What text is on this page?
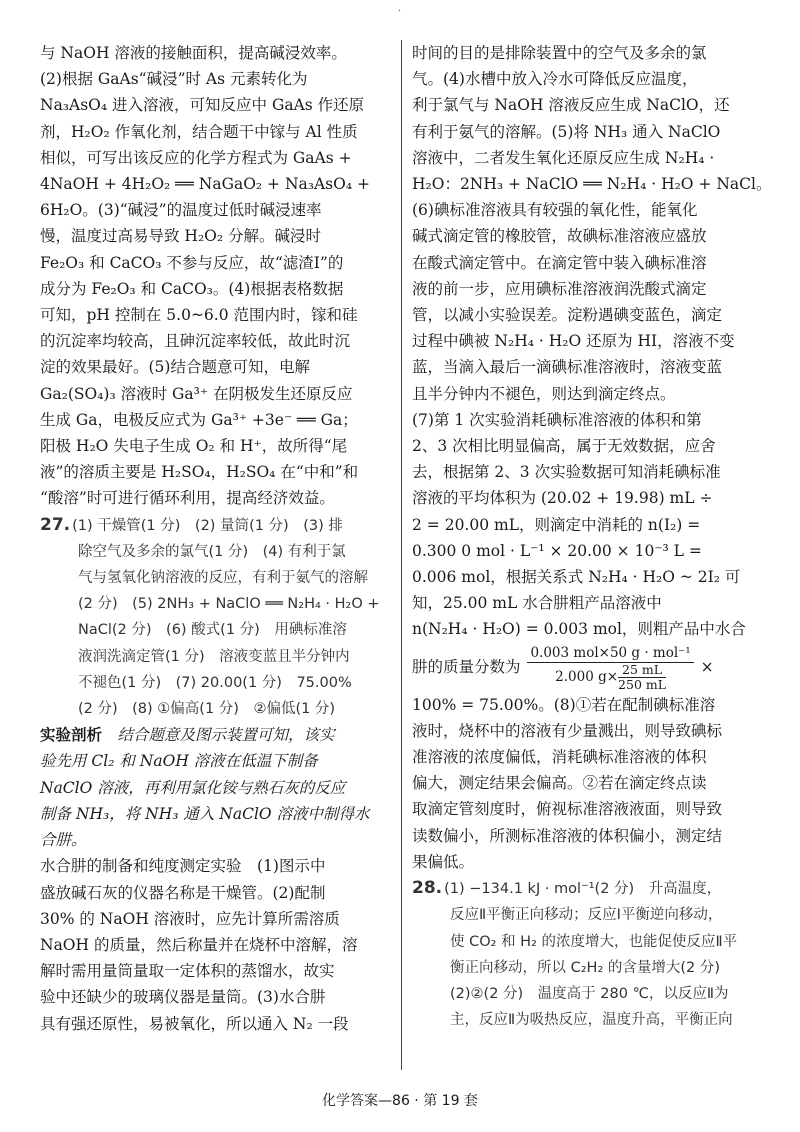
·

与 NaOH 溶液的接触面积，提高碱浸效率。

(2)根据 GaAs“碱浸”时 As 元素转化为

Na₃AsO₄ 进入溶液，可知反应中 GaAs 作还原

剂，H₂O₂ 作氧化剂，结合题干中镓与 Al 性质

相似，可写出该反应的化学方程式为 GaAs +

4NaOH + 4H₂O₂ ══ NaGaO₂ + Na₃AsO₄ +

6H₂O。(3)“碱浸”的温度过低时碱浸速率

慢，温度过高易导致 H₂O₂ 分解。碱浸时

Fe₂O₃ 和 CaCO₃ 不参与反应，故“滤渣Ⅰ”的

成分为 Fe₂O₃ 和 CaCO₃。(4)根据表格数据

可知，pH 控制在 5.0~6.0 范围内时，镓和硅

的沉淀率均较高，且砷沉淀率较低，故此时沉

淀的效果最好。(5)结合题意可知，电解

Ga₂(SO₄)₃ 溶液时 Ga³⁺ 在阴极发生还原反应

生成 Ga，电极反应式为 Ga³⁺ +3e⁻ ══ Ga；

阳极 H₂O 失电子生成 O₂ 和 H⁺，故所得“尾

液”的溶质主要是 H₂SO₄，H₂SO₄ 在“中和”和

“酸溶”时可进行循环利用，提高经济效益。

27. (1) 干燥管(1 分)　(2) 量筒(1 分)　(3) 排

除空气及多余的氯气(1 分)　(4) 有利于氯

气与氢氧化钠溶液的反应，有利于氨气的溶解

(2 分)　(5) 2NH₃ + NaClO ══ N₂H₄ · H₂O +

NaCl(2 分)　(6) 酸式(1 分)　用碘标准溶

液润洗滴定管(1 分)　溶液变蓝且半分钟内

不褪色(1 分)　(7) 20.00(1 分)　75.00%

(2 分)　(8) ①偏高(1 分)　②偏低(1 分)

实验剖析　结合题意及图示装置可知，该实

验先用 Cl₂ 和 NaOH 溶液在低温下制备

NaClO 溶液，再利用氯化铵与熟石灰的反应

制备 NH₃，将 NH₃ 通入 NaClO 溶液中制得水

合肼。

水合肼的制备和纯度测定实验　(1)图示中

盛放碱石灰的仪器名称是干燥管。(2)配制

30% 的 NaOH 溶液时，应先计算所需溶质

NaOH 的质量，然后称量并在烧杯中溶解，溶

解时需用量筒量取一定体积的蒸馏水，故实

验中还缺少的玻璃仪器是量筒。(3)水合肼

具有强还原性，易被氧化，所以通入 N₂ 一段

时间的目的是排除装置中的空气及多余的氯

气。(4)水槽中放入冷水可降低反应温度，

利于氯气与 NaOH 溶液反应生成 NaClO，还

有利于氨气的溶解。(5)将 NH₃ 通入 NaClO

溶液中，二者发生氧化还原反应生成 N₂H₄ ·

H₂O：2NH₃ + NaClO ══ N₂H₄ · H₂O + NaCl。

(6)碘标准溶液具有较强的氧化性，能氧化

碱式滴定管的橡胶管，故碘标准溶液应盛放

在酸式滴定管中。在滴定管中装入碘标准溶

液的前一步，应用碘标准溶液润洗酸式滴定

管，以减小实验误差。淀粉遇碘变蓝色，滴定

过程中碘被 N₂H₄ · H₂O 还原为 HI，溶液不变

蓝，当滴入最后一滴碘标准溶液时，溶液变蓝

且半分钟内不褪色，则达到滴定终点。

(7)第 1 次实验消耗碘标准溶液的体积和第

2、3 次相比明显偏高，属于无效数据，应舍

去，根据第 2、3 次实验数据可知消耗碘标准

溶液的平均体积为 (20.02 + 19.98) mL ÷

2 = 20.00 mL，则滴定中消耗的 n(I₂) =

0.300 0 mol · L⁻¹ × 20.00 × 10⁻³ L =

0.006 mol，根据关系式 N₂H₄ · H₂O ~ 2I₂ 可

知，25.00 mL 水合肼粗产品溶液中

n(N₂H₄ · H₂O) = 0.003 mol，则粗产品中水合

肼的质量分数为 $\frac{\text{0.003 mol×50 g · mol⁻¹}}{2.000 g\times \frac{25 mL}{250 mL}}$ ×

100% = 75.00%。(8)①若在配制碘标准溶

液时，烧杯中的溶液有少量溅出，则导致碘标

准溶液的浓度偏低，消耗碘标准溶液的体积

偏大，测定结果会偏高。②若在滴定终点读

取滴定管刻度时，俯视标准溶液液面，则导致

读数偏小，所测标准溶液的体积偏小，测定结

果偏低。

28. (1) −134.1 kJ · mol⁻¹(2 分)　升高温度，

反应Ⅱ平衡正向移动；反应Ⅰ平衡逆向移动，

使 CO₂ 和 H₂ 的浓度增大，也能促使反应Ⅱ平

衡正向移动，所以 C₂H₂ 的含量增大(2 分)

(2)②(2 分)　温度高于 280 ℃，以反应Ⅱ为

主，反应Ⅱ为吸热反应，温度升高，平衡正向

化学答案—86 · 第 19 套
